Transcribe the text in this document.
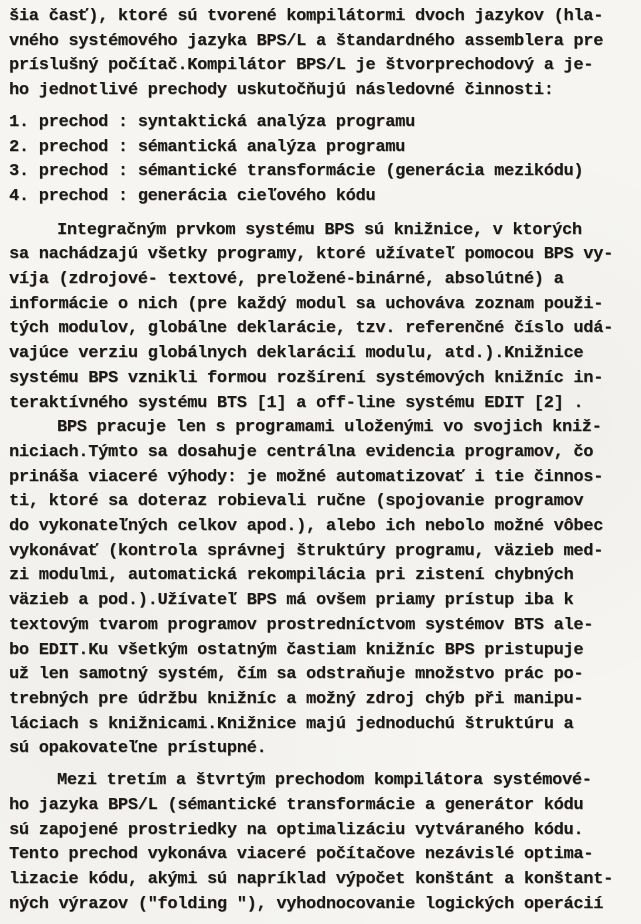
šia časť), ktoré sú tvorené kompilátormi dvoch jazykov (hla-
vného systémového jazyka BPS/L a štandardného assemblera pre
príslušný počítač.Kompilátor BPS/L je štvorprechodový a je-
ho jednotlivé prechody uskutočňujú následovné činnosti:
1. prechod : syntaktická analýza programu
2. prechod : sémantická analýza programu
3. prechod : sémantické transformácie (generácia mezikódu)
4. prechod : generácia cieľového kódu
Integračným prvkom systému BPS sú knižnice, v ktorých
sa nachádzajú všetky programy, ktoré užívateľ pomocou BPS vy-
víja (zdrojové- textové, preložené-binárné, absolútné) a
informácie o nich (pre každý modul sa uchováva zoznam použi-
tých modulov, globálne deklarácie, tzv. referenčné číslo udá-
vajúce verziu globálnych deklarácií modulu, atd.).Knižnice
systému BPS vznikli formou rozšírení systémových knižníc in-
teraktívného systému BTS [1] a off-line systému EDIT [2] .
BPS pracuje len s programami uloženými vo svojich kniž-
niciach.Týmto sa dosahuje centrálna evidencia programov, čo
prináša viaceré výhody: je možné automatizovať i tie činnos-
ti, ktoré sa doteraz robievali ručne (spojovanie programov
do vykonateľných celkov apod.), alebo ich nebolo možné vôbec
vykonávať (kontrola správnej štruktúry programu, väzieb med-
zi modulmi, automatická rekompilácia pri zistení chybných
väzieb a pod.).Užívateľ BPS má ovšem priamy prístup iba k
textovým tvarom programov prostredníctvom systémov BTS ale-
bo EDIT.Ku všetkým ostatným častiam knižníc BPS pristupuje
už len samotný systém, čím sa odstraňuje množstvo prác po-
trebných pre údržbu knižníc a možný zdroj chýb při manipu-
láciach s knižnicami.Knižnice majú jednoduchú štruktúru a
sú opakovateľne prístupné.
Mezi tretím a štvrtým prechodom kompilátora systémové-
ho jazyka BPS/L (sémantické transformácie a generátor kódu
sú zapojené prostriedky na optimalizáciu vytváraného kódu.
Tento prechod vykonáva viaceré počítačove nezávislé optima-
lizacie kódu, akými sú napríklad výpočet konštánt a konštant-
ných výrazov ("folding "), vyhodnocovanie logických operácií
